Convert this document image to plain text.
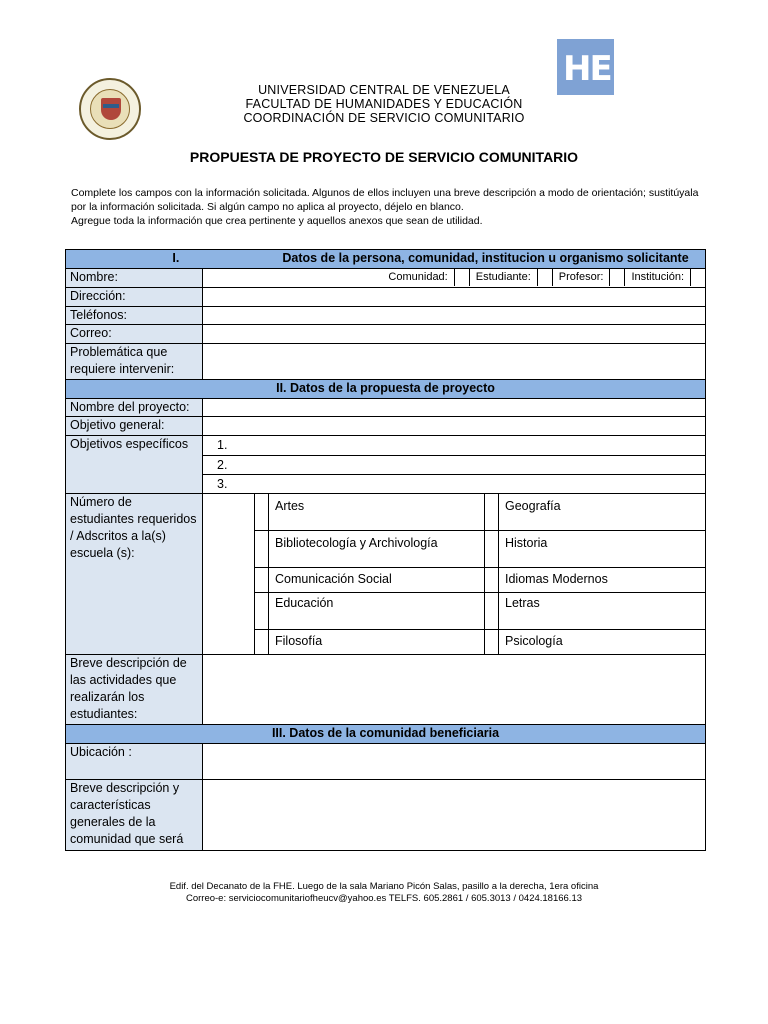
HE

UNIVERSIDAD CENTRAL DE VENEZUELA
FACULTAD DE HUMANIDADES Y EDUCACIÓN
COORDINACIÓN DE SERVICIO COMUNITARIO
PROPUESTA DE PROYECTO DE SERVICIO COMUNITARIO
Complete los campos con la información solicitada. Algunos de ellos incluyen una breve descripción a modo de orientación; sustitúyala
por la información solicitada. Si algún campo no aplica al proyecto, déjelo en blanco.
Agregue toda la información que crea pertinente y aquellos anexos que sean de utilidad.
I. Datos de la persona, comunidad, institucion u organismo solicitante					
Nombre:	Comunidad: Estudiante: Profesor: Institución:				

Dirección:					
Teléfonos:					
Correo:					
Problemática que requiere intervenir:					
II. Datos de la propuesta de proyecto					
Nombre del proyecto:					
Objetivo general:					
Objetivos específicos	1.				
	2.				
	3.				
Número de estudiantes requeridos / Adscritos a la(s) escuela (s):			Artes		Geografía
			Bibliotecología y Archivología		Historia
			Comunicación Social		Idiomas Modernos
			Educación		Letras
			Filosofía		Psicología
Breve descripción de las actividades que realizarán los estudiantes:					
III. Datos de la comunidad beneficiaria					
Ubicación :					
Breve descripción y características generales de la comunidad que será					
Edif. del Decanato de la FHE. Luego de la sala Mariano Picón Salas, pasillo a la derecha, 1era oficina
Correo-e: serviciocomunitariofheucv@yahoo.es TELFS. 605.2861 / 605.3013 / 0424.18166.13
